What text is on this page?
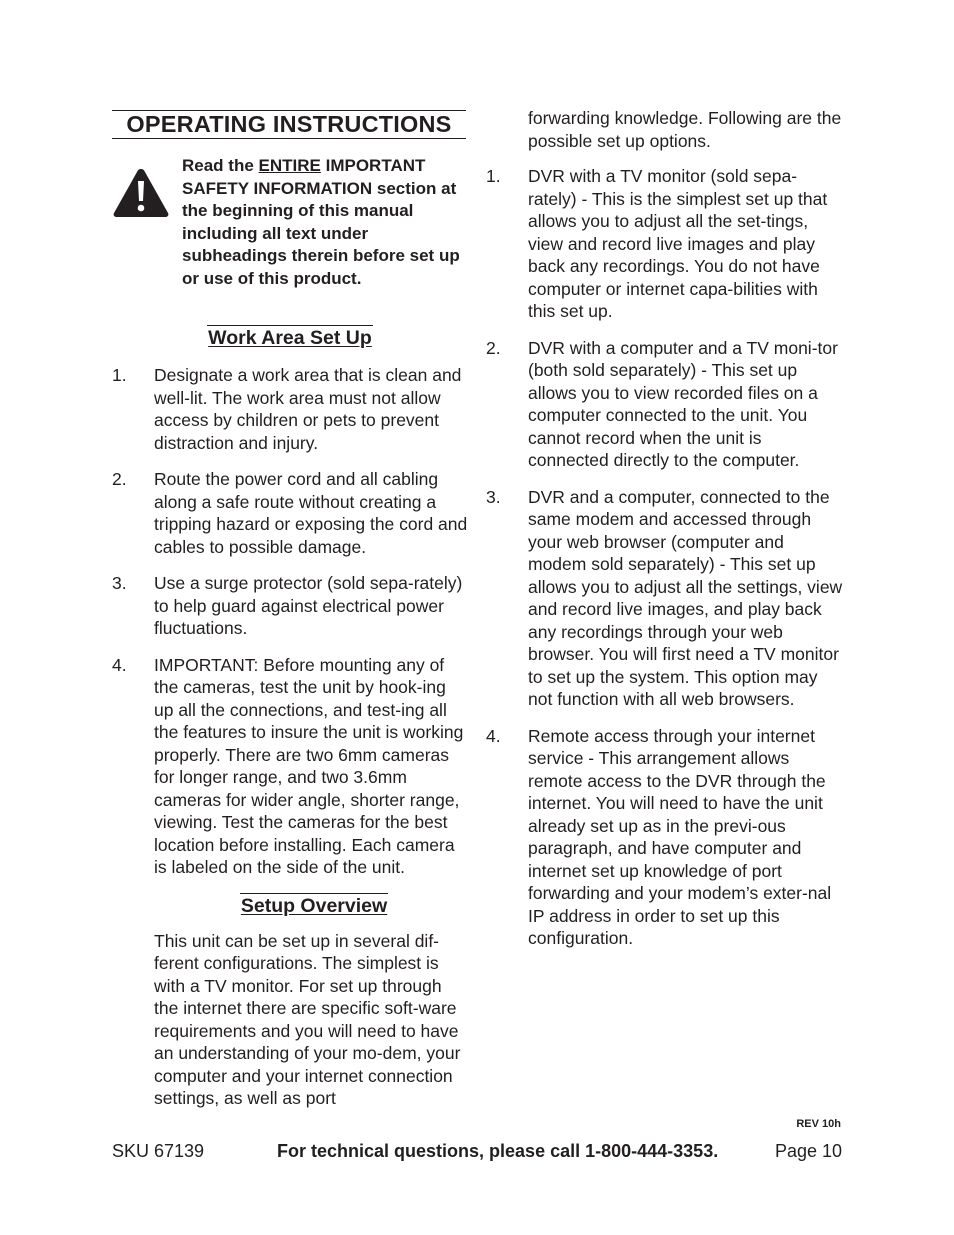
OPERATING INSTRUCTIONS
Read the ENTIRE IMPORTANT SAFETY INFORMATION section at the beginning of this manual including all text under subheadings therein before set up or use of this product.
Work Area Set Up
1. Designate a work area that is clean and well-lit. The work area must not allow access by children or pets to prevent distraction and injury.
2. Route the power cord and all cabling along a safe route without creating a tripping hazard or exposing the cord and cables to possible damage.
3. Use a surge protector (sold sepa-rately) to help guard against electrical power fluctuations.
4. IMPORTANT: Before mounting any of the cameras, test the unit by hook-ing up all the connections, and test-ing all the features to insure the unit is working properly. There are two 6mm cameras for longer range, and two 3.6mm cameras for wider angle, shorter range, viewing. Test the cameras for the best location before installing. Each camera is labeled on the side of the unit.
Setup Overview

This unit can be set up in several dif-ferent configurations. The simplest is with a TV monitor. For set up through the internet there are specific soft-ware requirements and you will need to have an understanding of your mo-dem, your computer and your internet connection settings, as well as port

forwarding knowledge. Following are the possible set up options.

1. DVR with a TV monitor (sold sepa-rately) - This is the simplest set up that allows you to adjust all the set-tings, view and record live images and play back any recordings. You do not have computer or internet capa-bilities with this set up.
2. DVR with a computer and a TV moni-tor (both sold separately) - This set up allows you to view recorded files on a computer connected to the unit. You cannot record when the unit is connected directly to the computer.
3. DVR and a computer, connected to the same modem and accessed through your web browser (computer and modem sold separately) - This set up allows you to adjust all the settings, view and record live images, and play back any recordings through your web browser. You will first need a TV monitor to set up the system. This option may not function with all web browsers.
4. Remote access through your internet service - This arrangement allows remote access to the DVR through the internet. You will need to have the unit already set up as in the previ-ous paragraph, and have computer and internet set up knowledge of port forwarding and your modem’s exter-nal IP address in order to set up this configuration.
REV 10h
SKU 67139	For technical questions, please call 1-800-444-3353.	Page 10
